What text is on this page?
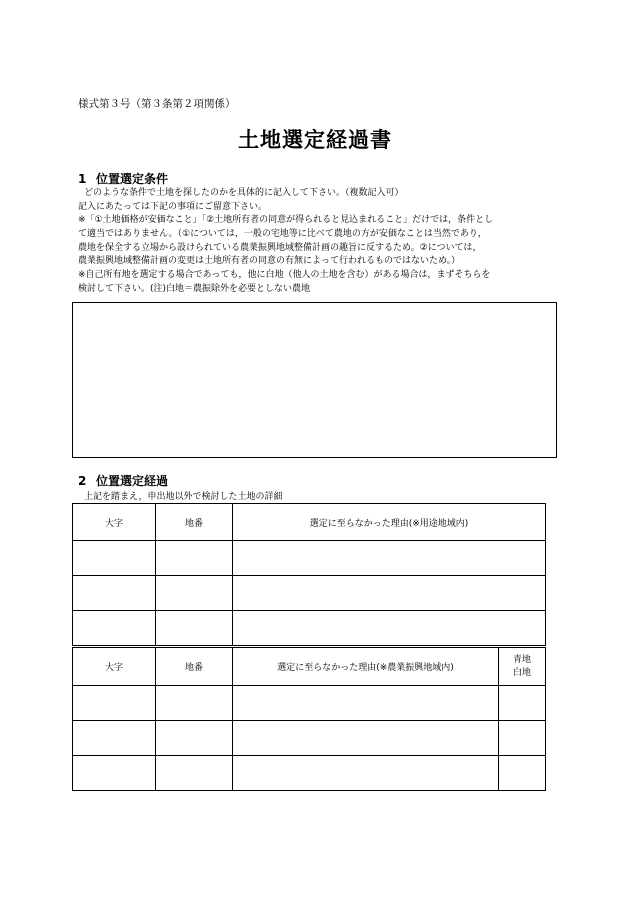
様式第３号（第３条第２項関係）
土地選定経過書
1 位置選定条件
どのような条件で土地を探したのかを具体的に記入して下さい。（複数記入可）
記入にあたっては下記の事項にご留意下さい。
※「①土地価格が安価なこと」「②土地所有者の同意が得られると見込まれること」だけでは，条件とし
て適当ではありません。（①については，一般の宅地等に比べて農地の方が安価なことは当然であり，
農地を保全する立場から設けられている農業振興地域整備計画の趣旨に反するため。②については，
農業振興地域整備計画の変更は土地所有者の同意の有無によって行われるものではないため。）
※自己所有地を選定する場合であっても，他に白地（他人の土地を含む）がある場合は，まずそちらを
検討して下さい。(注)白地＝農振除外を必要としない農地
2 位置選定経過
上記を踏まえ，申出地以外で検討した土地の詳細
大字	地番	選定に至らなかった理由(※用途地域内)

大字	地番	選定に至らなかった理由(※農業振興地域内)	青地
白地
